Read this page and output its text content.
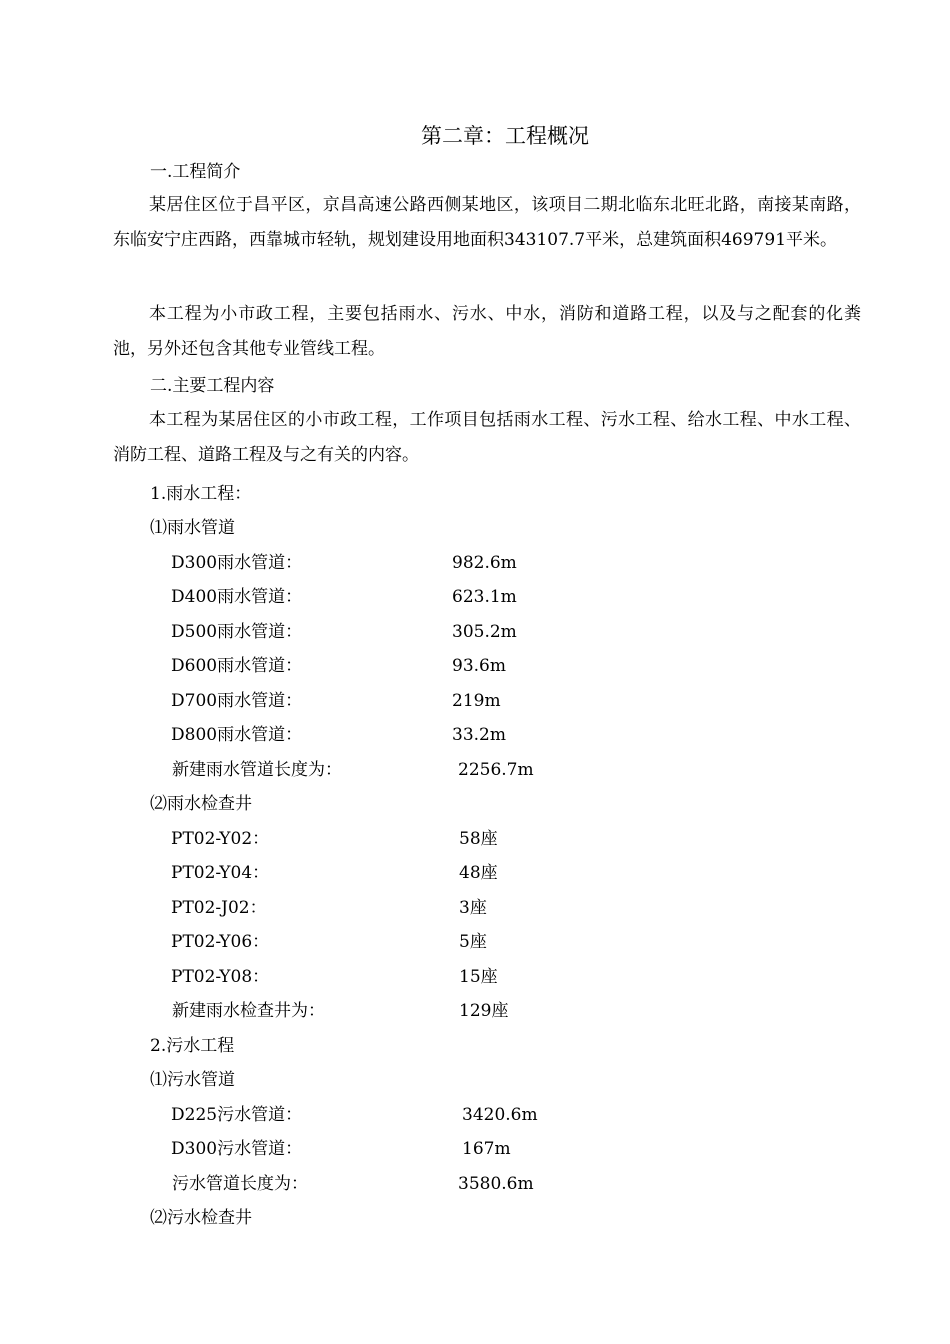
第二章：工程概况
一.工程简介

某居住区位于昌平区，京昌高速公路西侧某地区，该项目二期北临东北旺北路，南接某南路，东临安宁庄西路，西靠城市轻轨，规划建设用地面积343107.7平米，总建筑面积469791平米。

本工程为小市政工程，主要包括雨水、污水、中水，消防和道路工程，以及与之配套的化粪池，另外还包含其他专业管线工程。

二.主要工程内容

本工程为某居住区的小市政工程，工作项目包括雨水工程、污水工程、给水工程、中水工程、消防工程、道路工程及与之有关的内容。

1.雨水工程：
⑴雨水管道
D300雨水管道：	982.6m
D400雨水管道：	623.1m
D500雨水管道：	305.2m
D600雨水管道：	93.6m
D700雨水管道：	219m
D800雨水管道：	33.2m
新建雨水管道长度为：	2256.7m
⑵雨水检查井
PT02-Y02：	58座
PT02-Y04：	48座
PT02-J02：	3座
PT02-Y06：	5座
PT02-Y08：	15座
新建雨水检查井为：	129座
2.污水工程
⑴污水管道
D225污水管道：	3420.6m
D300污水管道：	167m
污水管道长度为：	3580.6m
⑵污水检查井
